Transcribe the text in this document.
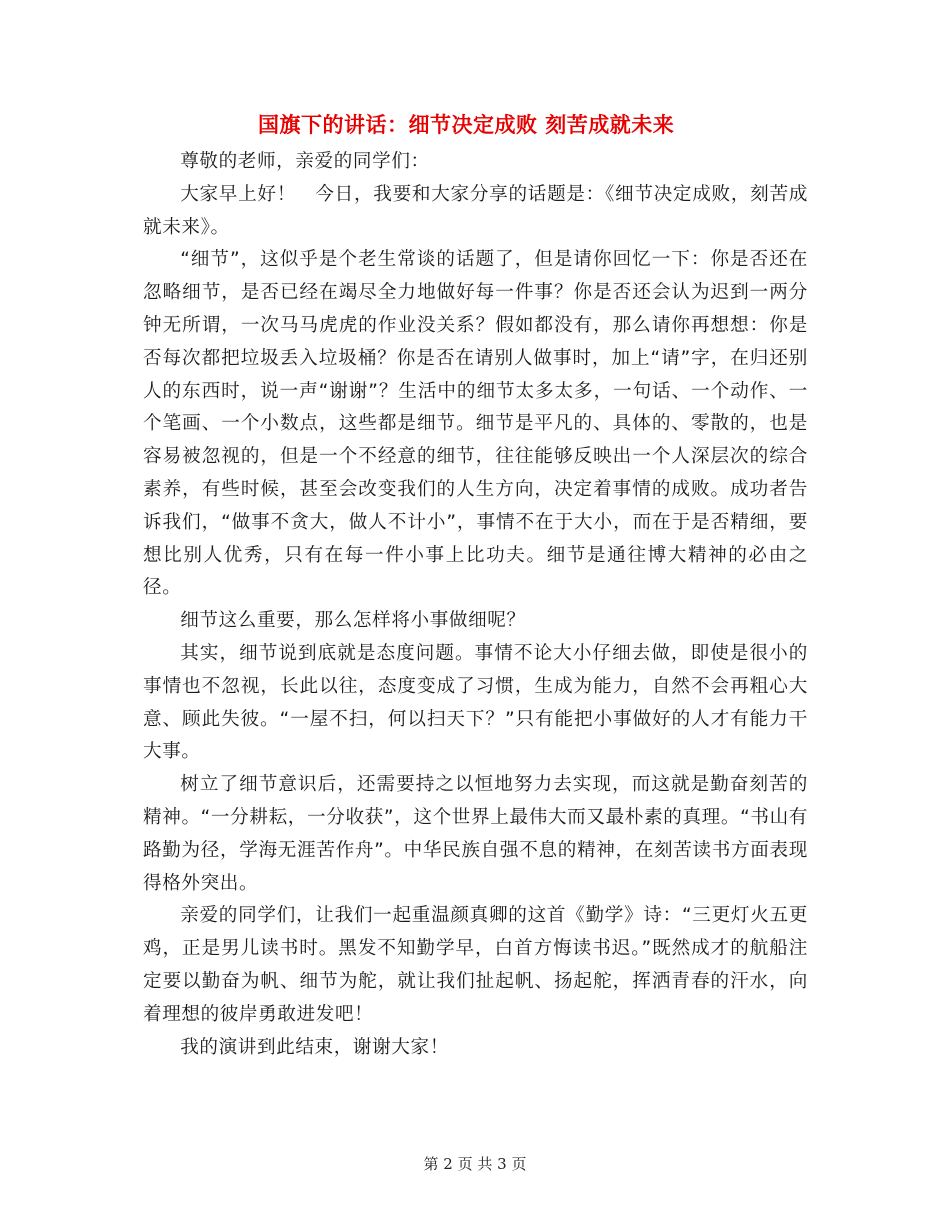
国旗下的讲话：细节决定成败 刻苦成就未来

尊敬的老师，亲爱的同学们：

大家早上好！　今日，我要和大家分享的话题是：《细节决定成败，刻苦成就未来》。

“细节”，这似乎是个老生常谈的话题了，但是请你回忆一下：你是否还在忽略细节，是否已经在竭尽全力地做好每一件事？你是否还会认为迟到一两分钟无所谓，一次马马虎虎的作业没关系？假如都没有，那么请你再想想：你是否每次都把垃圾丢入垃圾桶？你是否在请别人做事时，加上“请”字，在归还别人的东西时，说一声“谢谢”？生活中的细节太多太多，一句话、一个动作、一个笔画、一个小数点，这些都是细节。细节是平凡的、具体的、零散的，也是容易被忽视的，但是一个不经意的细节，往往能够反映出一个人深层次的综合素养，有些时候，甚至会改变我们的人生方向，决定着事情的成败。成功者告诉我们，“做事不贪大，做人不计小”，事情不在于大小，而在于是否精细，要想比别人优秀，只有在每一件小事上比功夫。细节是通往博大精神的必由之径。

细节这么重要，那么怎样将小事做细呢？

其实，细节说到底就是态度问题。事情不论大小仔细去做，即使是很小的事情也不忽视，长此以往，态度变成了习惯，生成为能力，自然不会再粗心大意、顾此失彼。“一屋不扫，何以扫天下？”只有能把小事做好的人才有能力干大事。

树立了细节意识后，还需要持之以恒地努力去实现，而这就是勤奋刻苦的精神。“一分耕耘，一分收获”，这个世界上最伟大而又最朴素的真理。“书山有路勤为径，学海无涯苦作舟”。中华民族自强不息的精神，在刻苦读书方面表现得格外突出。

亲爱的同学们，让我们一起重温颜真卿的这首《勤学》诗：“三更灯火五更鸡，正是男儿读书时。黑发不知勤学早，白首方悔读书迟。”既然成才的航船注定要以勤奋为帆、细节为舵，就让我们扯起帆、扬起舵，挥洒青春的汗水，向着理想的彼岸勇敢进发吧！

我的演讲到此结束，谢谢大家！

第 2 页 共 3 页
